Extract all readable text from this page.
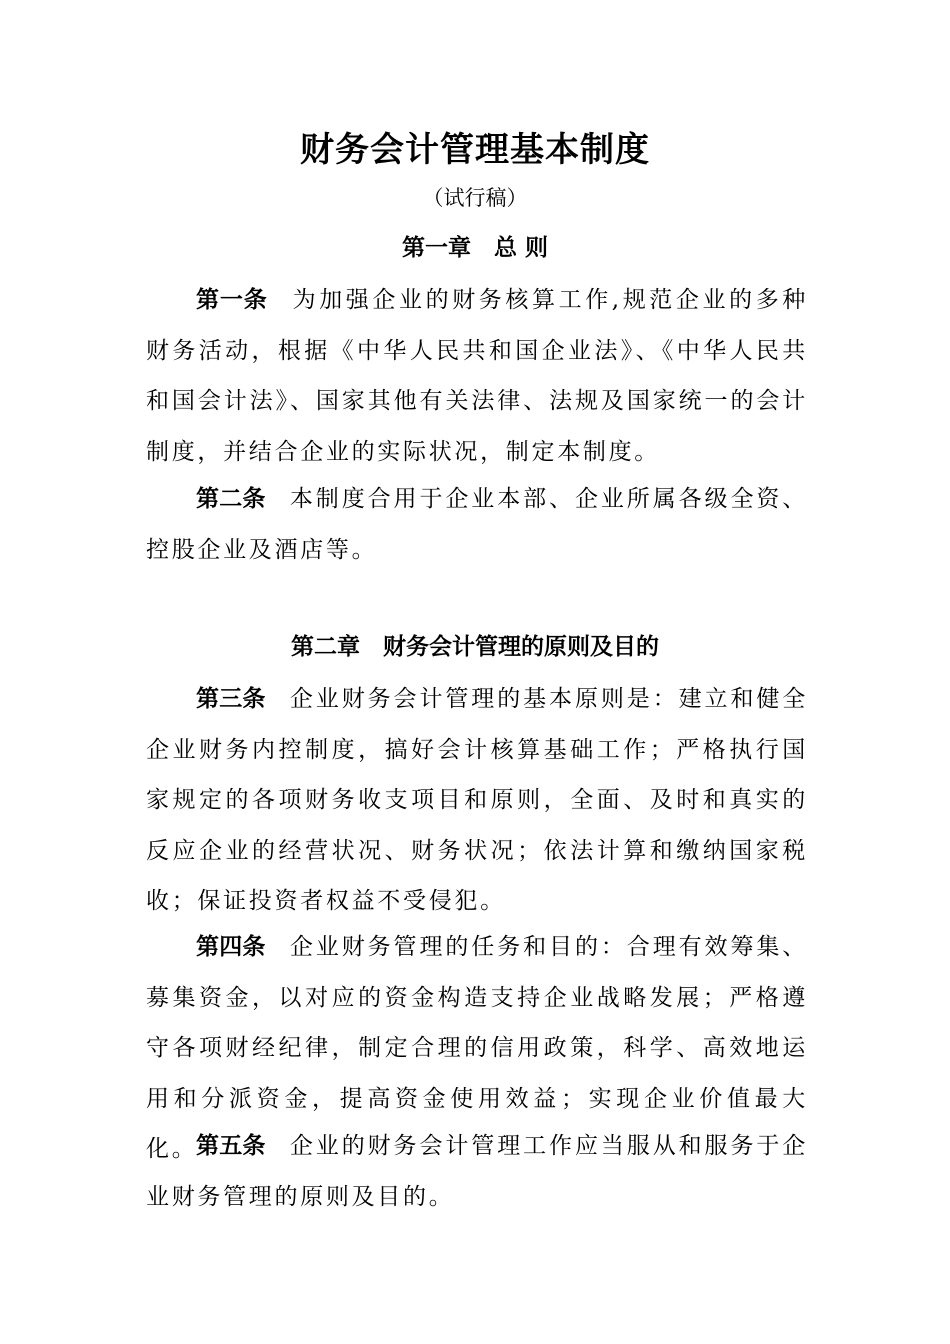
财务会计管理基本制度
（试行稿）
第一章　总 则

第一条 为加强企业的财务核算工作,规范企业的多种财务活动，根据《中华人民共和国企业法》、《中华人民共和国会计法》、国家其他有关法律、法规及国家统一的会计制度，并结合企业的实际状况，制定本制度。

第二条 本制度合用于企业本部、企业所属各级全资、控股企业及酒店等。

第二章　财务会计管理的原则及目的

第三条 企业财务会计管理的基本原则是：建立和健全企业财务内控制度，搞好会计核算基础工作；严格执行国家规定的各项财务收支项目和原则，全面、及时和真实的反应企业的经营状况、财务状况；依法计算和缴纳国家税收；保证投资者权益不受侵犯。

第四条 企业财务管理的任务和目的：合理有效筹集、募集资金，以对应的资金构造支持企业战略发展；严格遵守各项财经纪律，制定合理的信用政策，科学、高效地运用和分派资金，提高资金使用效益；实现企业价值最大化。

第五条 企业的财务会计管理工作应当服从和服务于企业财务管理的原则及目的。
